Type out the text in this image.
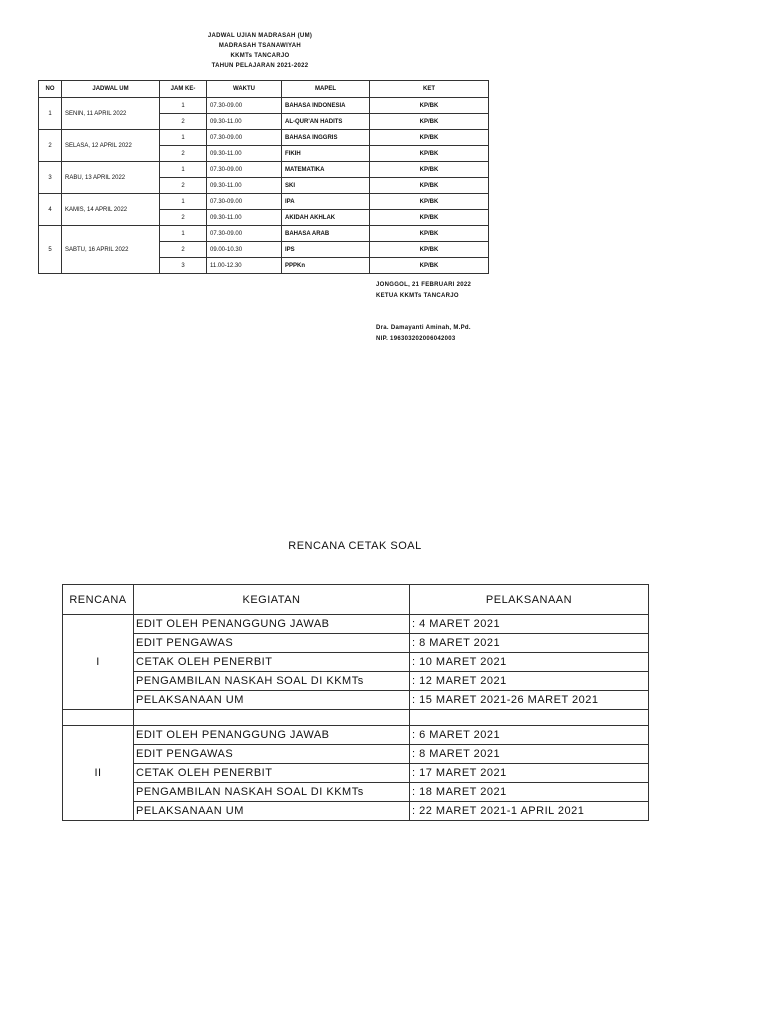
JADWAL UJIAN MADRASAH (UM)
MADRASAH TSANAWIYAH
KKMTs TANCARJO
TAHUN PELAJARAN 2021-2022
NO	JADWAL UM	JAM KE-	WAKTU	MAPEL	KET
1	SENIN, 11 APRIL 2022	1	07.30-09.00	BAHASA INDONESIA	KP/BK
		2	09.30-11.00	AL-QUR'AN HADITS	KP/BK
2	SELASA, 12 APRIL 2022	1	07.30-09.00	BAHASA INGGRIS	KP/BK
		2	09.30-11.00	FIKIH	KP/BK
3	RABU, 13 APRIL 2022	1	07.30-09.00	MATEMATIKA	KP/BK
		2	09.30-11.00	SKI	KP/BK
4	KAMIS, 14 APRIL 2022	1	07.30-09.00	IPA	KP/BK
		2	09.30-11.00	AKIDAH AKHLAK	KP/BK
5	SABTU, 16 APRIL 2022	1	07.30-09.00	BAHASA ARAB	KP/BK
		2	09.00-10.30	IPS	KP/BK
		3	11.00-12.30	PPPKn	KP/BK
JONGGOL, 21 FEBRUARI 2022
KETUA KKMTs TANCARJO
Dra. Damayanti Aminah, M.Pd.
NIP. 196303202006042003
RENCANA CETAK SOAL
RENCANA	KEGIATAN	PELAKSANAAN
I	EDIT OLEH PENANGGUNG JAWAB	: 4 MARET 2021
	EDIT PENGAWAS	: 8 MARET 2021
	CETAK OLEH PENERBIT	: 10 MARET 2021
	PENGAMBILAN NASKAH SOAL DI KKMTs	: 12 MARET 2021
	PELAKSANAAN UM	: 15 MARET 2021-26 MARET 2021

II	EDIT OLEH PENANGGUNG JAWAB	: 6 MARET 2021
	EDIT PENGAWAS	: 8 MARET 2021
	CETAK OLEH PENERBIT	: 17 MARET 2021
	PENGAMBILAN NASKAH SOAL DI KKMTs	: 18 MARET 2021
	PELAKSANAAN UM	: 22 MARET 2021-1 APRIL 2021
